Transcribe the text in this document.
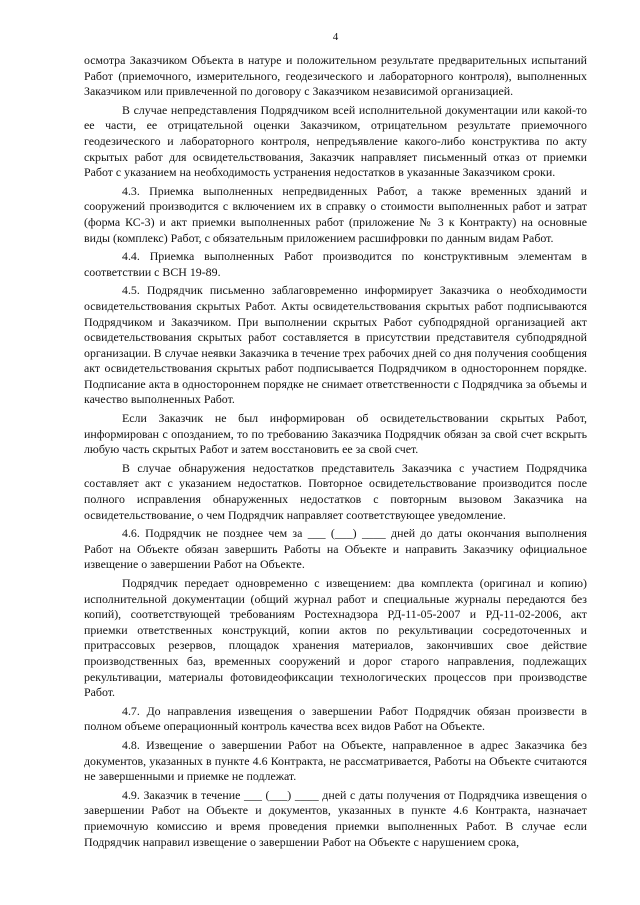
4

осмотра Заказчиком Объекта в натуре и положительном результате предварительных испытаний Работ (приемочного, измерительного, геодезического и лабораторного контроля), выполненных Заказчиком или привлеченной по договору с Заказчиком независимой организацией.

В случае непредставления Подрядчиком всей исполнительной документации или какой-то ее части, ее отрицательной оценки Заказчиком, отрицательном результате приемочного геодезического и лабораторного контроля, непредъявление какого-либо конструктива по акту скрытых работ для освидетельствования, Заказчик направляет письменный отказ от приемки Работ с указанием на необходимость устранения недостатков в указанные Заказчиком сроки.

4.3. Приемка выполненных непредвиденных Работ, а также временных зданий и сооружений производится с включением их в справку о стоимости выполненных работ и затрат (форма КС-3) и акт приемки выполненных работ (приложение № 3 к Контракту) на основные виды (комплекс) Работ, с обязательным приложением расшифровки по данным видам Работ.

4.4. Приемка выполненных Работ производится по конструктивным элементам в соответствии с ВСН 19-89.

4.5. Подрядчик письменно заблаговременно информирует Заказчика о необходимости освидетельствования скрытых Работ. Акты освидетельствования скрытых работ подписываются Подрядчиком и Заказчиком. При выполнении скрытых Работ субподрядной организацией акт освидетельствования скрытых работ составляется в присутствии представителя субподрядной организации. В случае неявки Заказчика в течение трех рабочих дней со дня получения сообщения акт освидетельствования скрытых работ подписывается Подрядчиком в одностороннем порядке. Подписание акта в одностороннем порядке не снимает ответственности с Подрядчика за объемы и качество выполненных Работ.

Если Заказчик не был информирован об освидетельствовании скрытых Работ, информирован с опозданием, то по требованию Заказчика Подрядчик обязан за свой счет вскрыть любую часть скрытых Работ и затем восстановить ее за свой счет.

В случае обнаружения недостатков представитель Заказчика с участием Подрядчика составляет акт с указанием недостатков. Повторное освидетельствование производится после полного исправления обнаруженных недостатков с повторным вызовом Заказчика на освидетельствование, о чем Подрядчик направляет соответствующее уведомление.

4.6. Подрядчик не позднее чем за ___ (___) ____ дней до даты окончания выполнения Работ на Объекте обязан завершить Работы на Объекте и направить Заказчику официальное извещение о завершении Работ на Объекте.

Подрядчик передает одновременно с извещением: два комплекта (оригинал и копию) исполнительной документации (общий журнал работ и специальные журналы передаются без копий), соответствующей требованиям Ростехнадзора РД-11-05-2007 и РД-11-02-2006, акт приемки ответственных конструкций, копии актов по рекультивации сосредоточенных и притрассовых резервов, площадок хранения материалов, закончивших свое действие производственных баз, временных сооружений и дорог старого направления, подлежащих рекультивации, материалы фотовидеофиксации технологических процессов при производстве Работ.

4.7. До направления извещения о завершении Работ Подрядчик обязан произвести в полном объеме операционный контроль качества всех видов Работ на Объекте.

4.8. Извещение о завершении Работ на Объекте, направленное в адрес Заказчика без документов, указанных в пункте 4.6 Контракта, не рассматривается, Работы на Объекте считаются не завершенными и приемке не подлежат.

4.9. Заказчик в течение ___ (___) ____ дней с даты получения от Подрядчика извещения о завершении Работ на Объекте и документов, указанных в пункте 4.6 Контракта, назначает приемочную комиссию и время проведения приемки выполненных Работ. В случае если Подрядчик направил извещение о завершении Работ на Объекте с нарушением срока,
